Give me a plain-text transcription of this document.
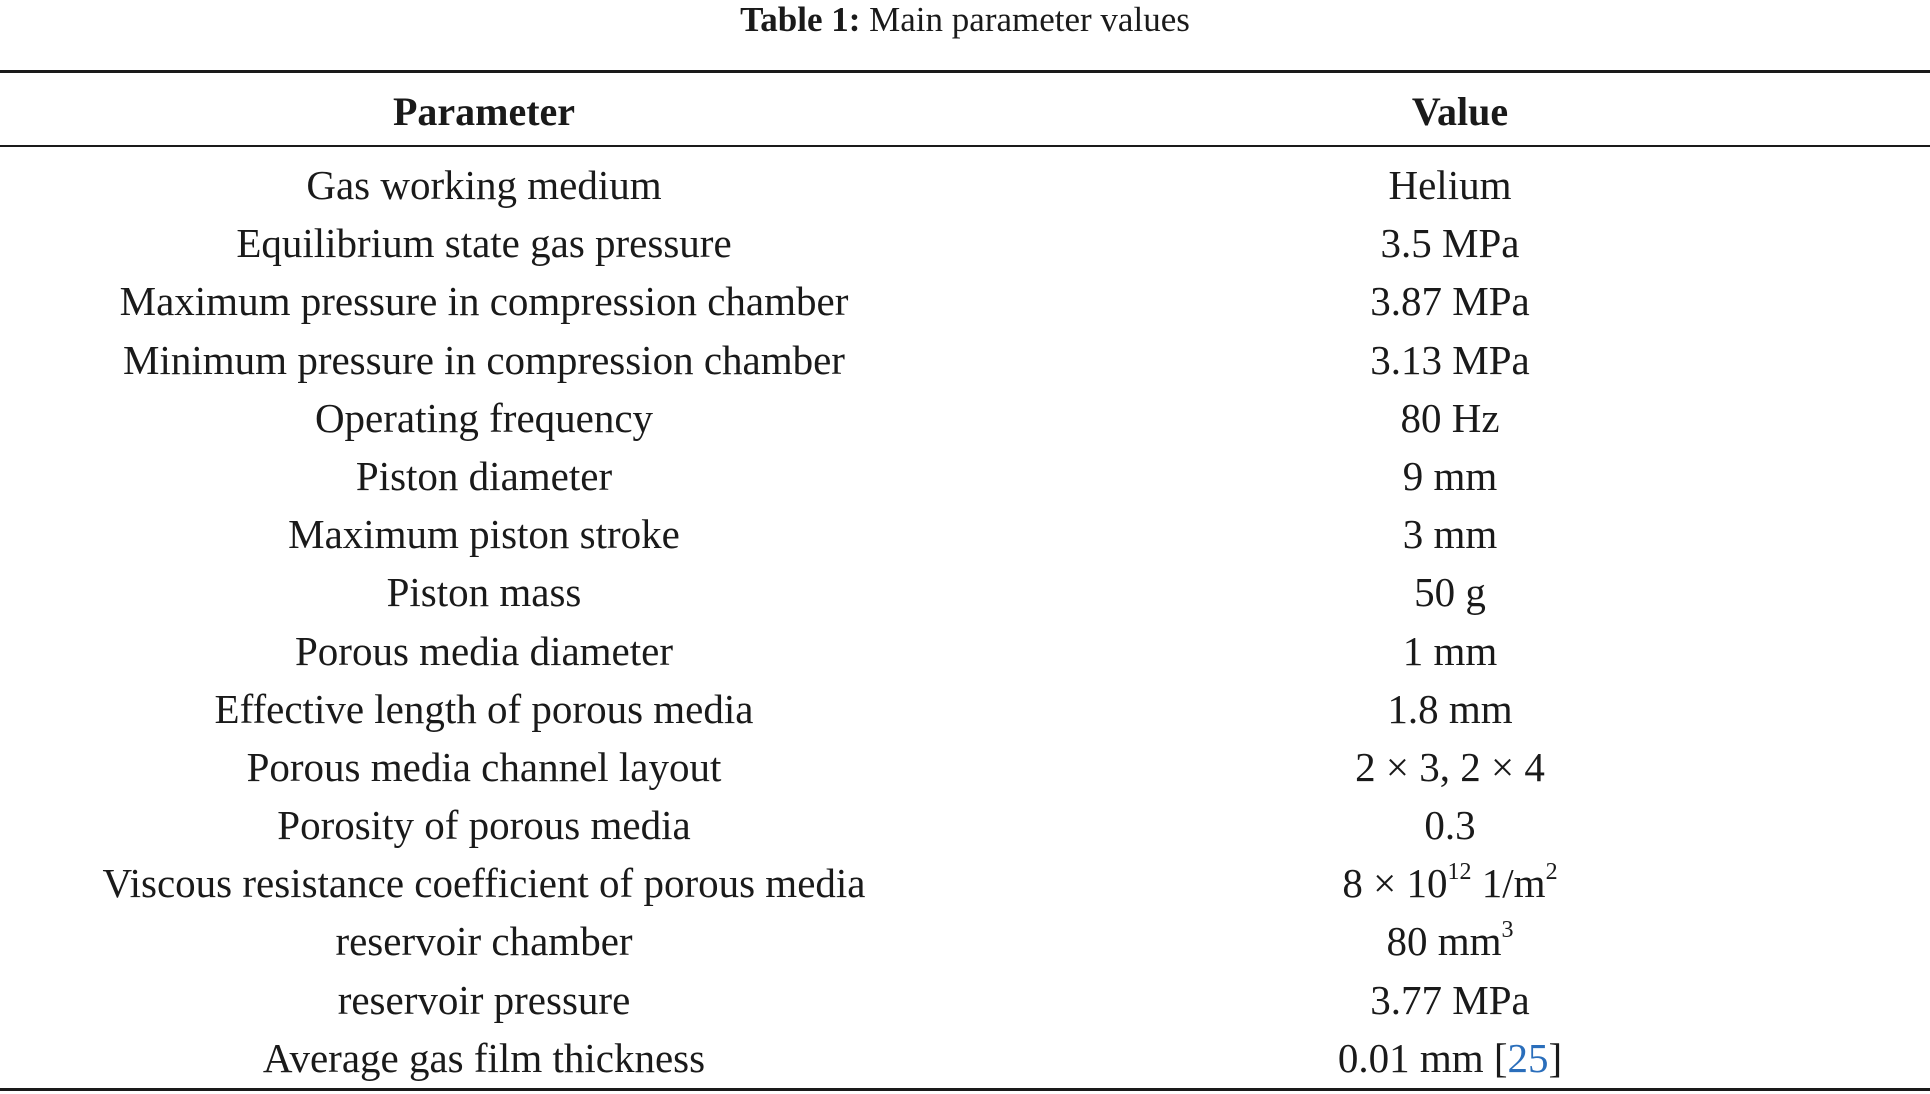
Table 1: Main parameter values
Parameter	Value
Gas working medium	Helium
Equilibrium state gas pressure	3.5 MPa
Maximum pressure in compression chamber	3.87 MPa
Minimum pressure in compression chamber	3.13 MPa
Operating frequency	80 Hz
Piston diameter	9 mm
Maximum piston stroke	3 mm
Piston mass	50 g
Porous media diameter	1 mm
Effective length of porous media	1.8 mm
Porous media channel layout	2 × 3, 2 × 4
Porosity of porous media	0.3
Viscous resistance coefficient of porous media	$8 \times 10^{12}$ $1/m^2$
reservoir chamber	80 $mm^3$
reservoir pressure	3.77 MPa
Average gas film thickness	0.01 mm [25]
